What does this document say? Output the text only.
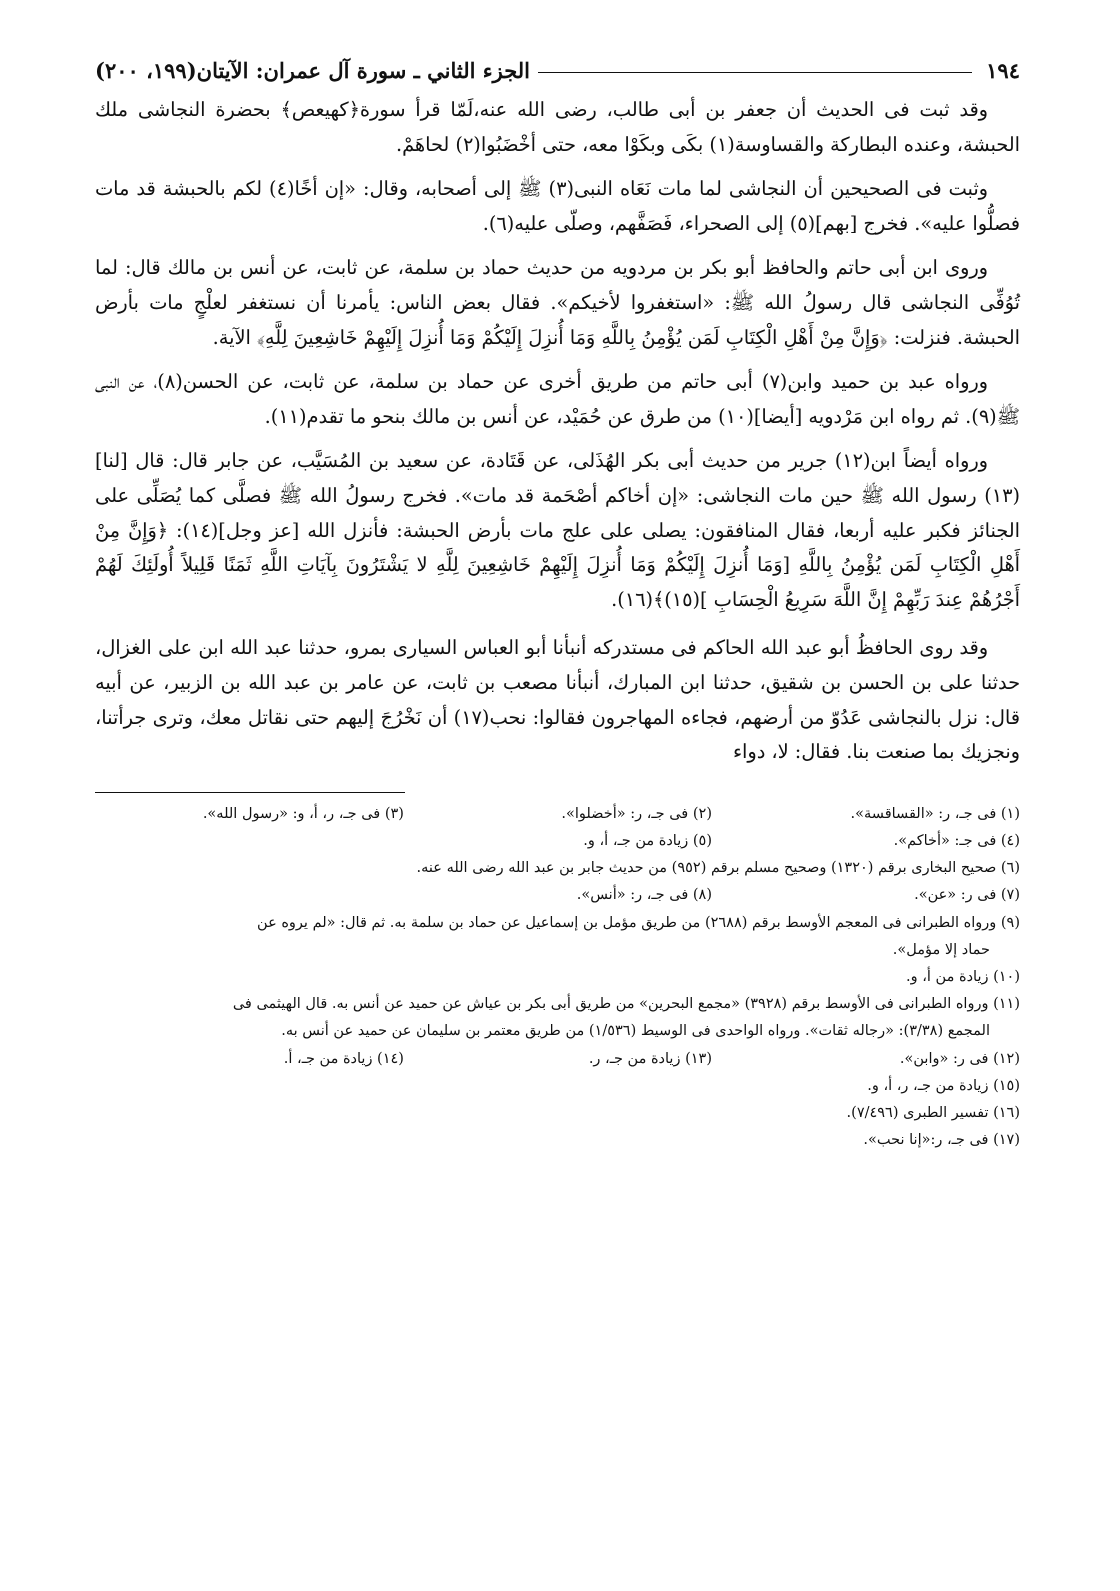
١٩٤
الجزء الثاني ـ سورة آل عمران: الآيتان(١٩٩، ٢٠٠)

وقد ثبت فى الحديث أن جعفر بن أبى طالب، رضى الله عنه،لَمّا قرأ سورة﴿كهيعص﴾ بحضرة النجاشى ملك الحبشة، وعنده البطاركة والقساوسة(١) بكَى وبكَوْا معه، حتى أخْضَبُوا(٢) لحاهَمْ.

وثبت فى الصحيحين أن النجاشى لما مات نَعَاه النبى(٣) ﷺ إلى أصحابه، وقال: «إن أخًا(٤) لكم بالحبشة قد مات فصلُّوا عليه». فخرج [بهم](٥) إلى الصحراء، فَصَفَّهم، وصلّى عليه(٦).

وروى ابن أبى حاتم والحافظ أبو بكر بن مردويه من حديث حماد بن سلمة، عن ثابت، عن أنس بن مالك قال: لما تُوُفِّى النجاشى قال رسولُ الله ﷺ: «استغفروا لأخيكم». فقال بعض الناس: يأمرنا أن نستغفر لعلْجٍ مات بأرض الحبشة. فنزلت: ﴿وَإِنَّ مِنْ أَهْلِ الْكِتَابِ لَمَن يُؤْمِنُ بِاللَّهِ وَمَا أُنزِلَ إِلَيْكُمْ وَمَا أُنزِلَ إِلَيْهِمْ خَاشِعِينَ لِلَّهِ﴾ الآية.

ورواه عبد بن حميد وابن(٧) أبى حاتم من طريق أخرى عن حماد بن سلمة، عن ثابت، عن الحسن(٨)، عن النبى ﷺ(٩). ثم رواه ابن مَرْدويه [أيضا](١٠) من طرق عن حُمَيْد، عن أنس بن مالك بنحو ما تقدم(١١).

ورواه أيضاً ابن(١٢) جرير من حديث أبى بكر الهُذَلى، عن قَتَادة، عن سعيد بن المُسَيَّب، عن جابر قال: قال [لنا](١٣) رسول الله ﷺ حين مات النجاشى: «إن أخاكم أصْحَمة قد مات». فخرج رسولُ الله ﷺ فصلَّى كما يُصَلِّى على الجنائز فكبر عليه أربعا، فقال المنافقون: يصلى على علج مات بأرض الحبشة: فأنزل الله [عز وجل](١٤): ﴿وَإِنَّ مِنْ أَهْلِ الْكِتَابِ لَمَن يُؤْمِنُ بِاللَّهِ [وَمَا أُنزِلَ إِلَيْكُمْ وَمَا أُنزِلَ إِلَيْهِمْ خَاشِعِينَ لِلَّهِ لا يَشْتَرُونَ بِآيَاتِ اللَّهِ ثَمَنًا قَلِيلاً أُولَئِكَ لَهُمْ أَجْرُهُمْ عِندَ رَبِّهِمْ إِنَّ اللَّهَ سَرِيعُ الْحِسَابِ ](١٥)﴾(١٦).

وقد روى الحافظُ أبو عبد الله الحاكم فى مستدركه أنبأنا أبو العباس السيارى بمرو، حدثنا عبد الله ابن على الغزال، حدثنا على بن الحسن بن شقيق، حدثنا ابن المبارك، أنبأنا مصعب بن ثابت، عن عامر بن عبد الله بن الزبير، عن أبيه قال: نزل بالنجاشى عَدُوّ من أرضهم، فجاءه المهاجرون فقالوا: نحب(١٧) أن نَخْرُجَ إليهم حتى نقاتل معك، وترى جرأتنا، ونجزيك بما صنعت بنا. فقال: لا، دواء

(١) فى جـ، ر: «القساقسة».
(٢) فى جـ، ر: «أخضلوا».
(٣) فى جـ، ر، أ، و: «رسول الله».
(٤) فى جـ: «أخاكم».
(٥) زيادة من جـ، أ، و.
(٦) صحيح البخارى برقم (١٣٢٠) وصحيح مسلم برقم (٩٥٢) من حديث جابر بن عبد الله رضى الله عنه.
(٧) فى ر: «عن».
(٨) فى جـ، ر: «أنس».
(٩) ورواه الطبرانى فى المعجم الأوسط برقم (٢٦٨٨) من طريق مؤمل بن إسماعيل عن حماد بن سلمة به. ثم قال: «لم يروه عن
حماد إلا مؤمل».
(١٠) زيادة من أ، و.
(١١) ورواه الطبرانى فى الأوسط برقم (٣٩٢٨) «مجمع البحرين» من طريق أبى بكر بن عياش عن حميد عن أنس به. قال الهيثمى فى
المجمع (٣/٣٨): «رجاله ثقات». ورواه الواحدى فى الوسيط (١/٥٣٦) من طريق معتمر بن سليمان عن حميد عن أنس به.
(١٢) فى ر: «وابن».
(١٣) زيادة من جـ، ر.
(١٤) زيادة من جـ، أ.
(١٥) زيادة من جـ، ر، أ، و.
(١٦) تفسير الطبرى (٧/٤٩٦).
(١٧) فى جـ، ر:«إنا نحب».
